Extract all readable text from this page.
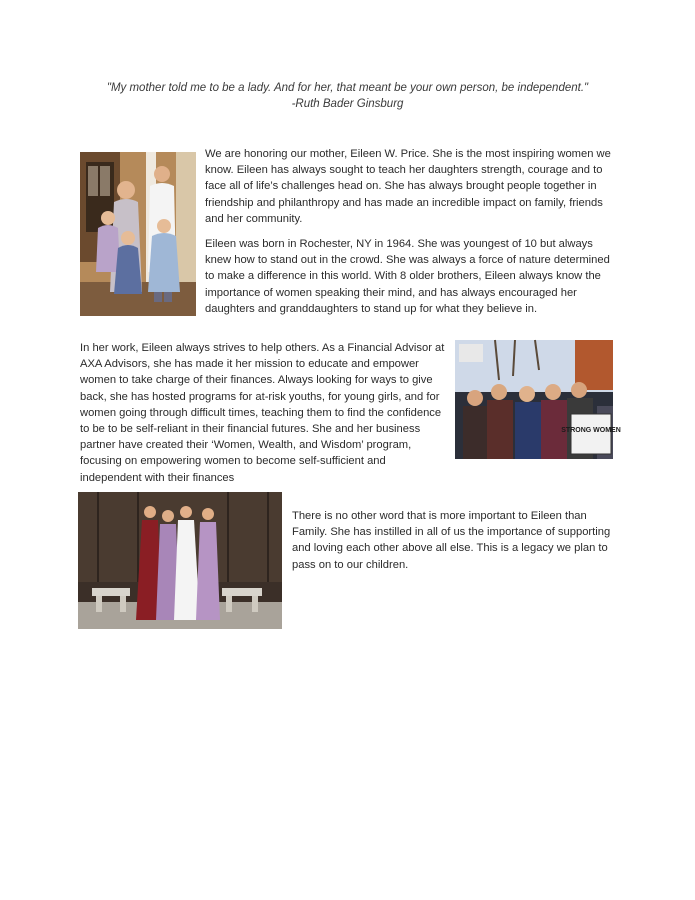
"My mother told me to be a lady. And for her, that meant be your own person, be independent."
-Ruth Bader Ginsburg
We are honoring our mother, Eileen W. Price. She is the most inspiring women we know. Eileen has always sought to teach her daughters strength, courage and to face all of life’s challenges head on. She has always brought people together in friendship and philanthropy and has made an incredible impact on family, friends and her community.
Eileen was born in Rochester, NY in 1964. She was youngest of 10 but always knew how to stand out in the crowd. She was always a force of nature determined to make a difference in this world. With 8 older brothers, Eileen always know the importance of women speaking their mind, and has always encouraged her daughters and granddaughters to stand up for what they believe in.
In her work, Eileen always strives to help others. As a Financial Advisor at AXA Advisors, she has made it her mission to educate and empower women to take charge of their finances. Always looking for ways to give back, she has hosted programs for at-risk youths, for young girls, and for women going through difficult times, teaching them to find the confidence to be to be self-reliant in their financial futures. She and her business partner have created their ‘Women, Wealth, and Wisdom’ program, focusing on empowering women to become self-sufficient and independent with their finances
STRONG WOMEN
There is no other word that is more important to Eileen than Family. She has instilled in all of us the importance of supporting and loving each other above all else. This is a legacy we plan to pass on to our children.
